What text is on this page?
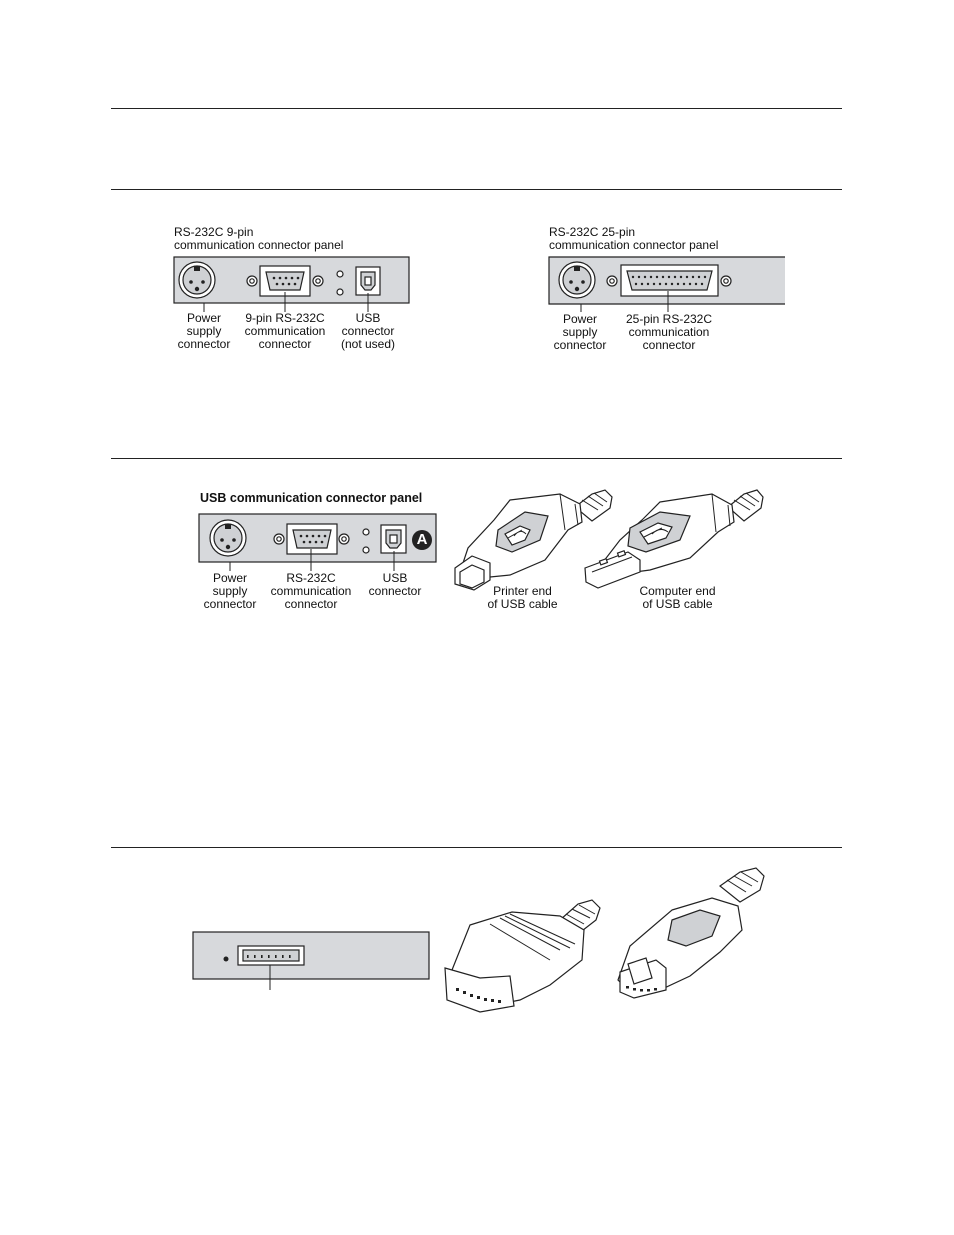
RS-232C 9-pin
communication connector panel
Power
supply
connector
9-pin RS-232C
communication
connector
USB
connector
(not used)
RS-232C 25-pin
communication connector panel
Power
supply
connector
25-pin RS-232C
communication
connector
USB communication connector panel
A
Power
supply
connector
RS-232C
communication
connector
USB
connector	Printer end
of USB cable
Computer end
of USB cable
